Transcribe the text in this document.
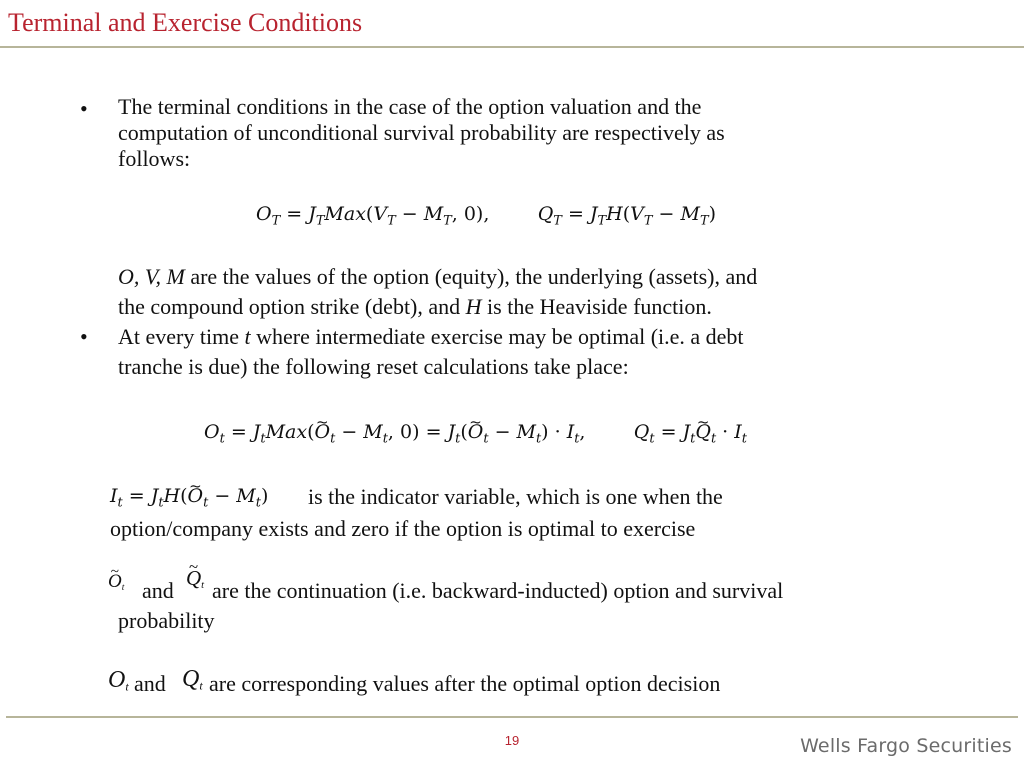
Terminal and Exercise Conditions
• The terminal conditions in the case of the option valuation and the
computation of unconditional survival probability are respectively as
follows:
$O_T = J_TMax(V_T - M_T$, 0),        $Q_T = J_TH(V_T - M_T)$
O, V, M are the values of the option (equity), the underlying (assets), and
the compound option strike (debt), and H is the Heaviside function.
• At every time t where intermediate exercise may be optimal (i.e. a debt
tranche is due) the following reset calculations take place:
$O_t$ = $J_tMax(\sim$ $O_t - M_t$, $0) = J_t(\sim$ $O_t - M_t) \cdot I_t$,        $Q_t$ = $J_t\sim$ $Q_t \cdot I_t$
$I_t$ = $J_tH(\sim$ $O_t - M_t$) is the indicator variable, which is one when the
option/company exists and zero if the option is optimal to exercise
~ $O_t$ and
~ $Q_t$ are the continuation (i.e. backward-inducted) option and survival
probability
$O_t$ and $Q_t$ are corresponding values after the optimal option decision
19	Wells Fargo Securities
